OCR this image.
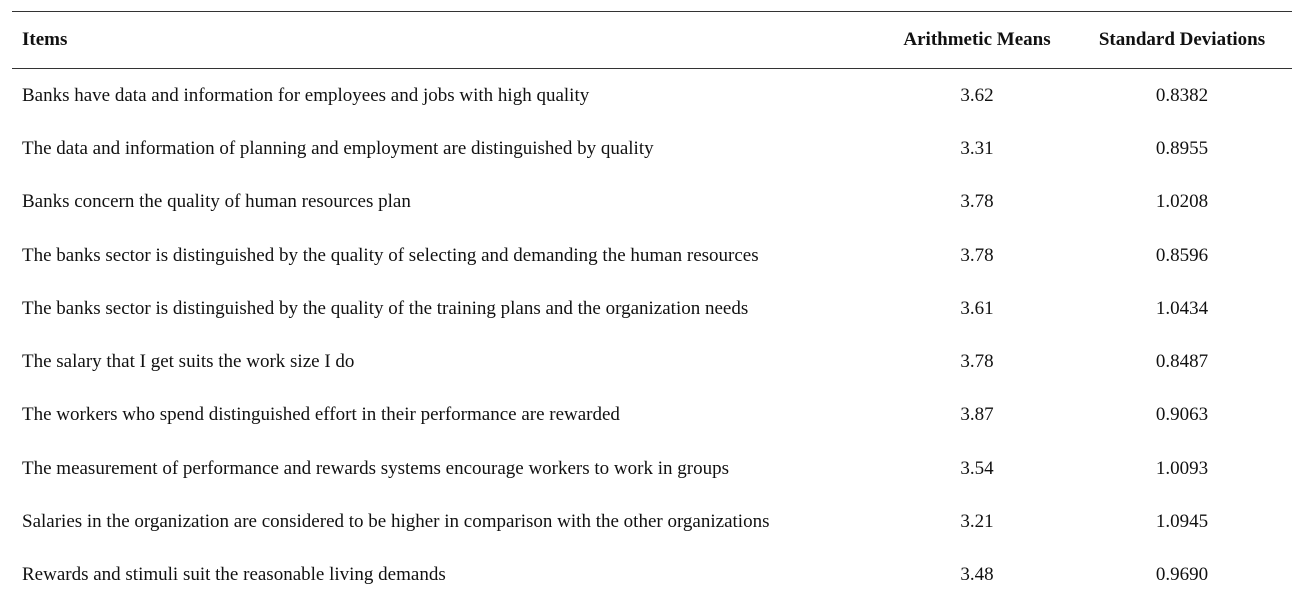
Items	Arithmetic Means	Standard Deviations
Banks have data and information for employees and jobs with high quality	3.62	0.8382
The data and information of planning and employment are distinguished by quality	3.31	0.8955
Banks concern the quality of human resources plan	3.78	1.0208
The banks sector is distinguished by the quality of selecting and demanding the human resources	3.78	0.8596
The banks sector is distinguished by the quality of the training plans and the organization needs	3.61	1.0434
The salary that I get suits the work size I do	3.78	0.8487
The workers who spend distinguished effort in their performance are rewarded	3.87	0.9063
The measurement of performance and rewards systems encourage workers to work in groups	3.54	1.0093
Salaries in the organization are considered to be higher in comparison with the other organizations	3.21	1.0945
Rewards and stimuli suit the reasonable living demands	3.48	0.9690
